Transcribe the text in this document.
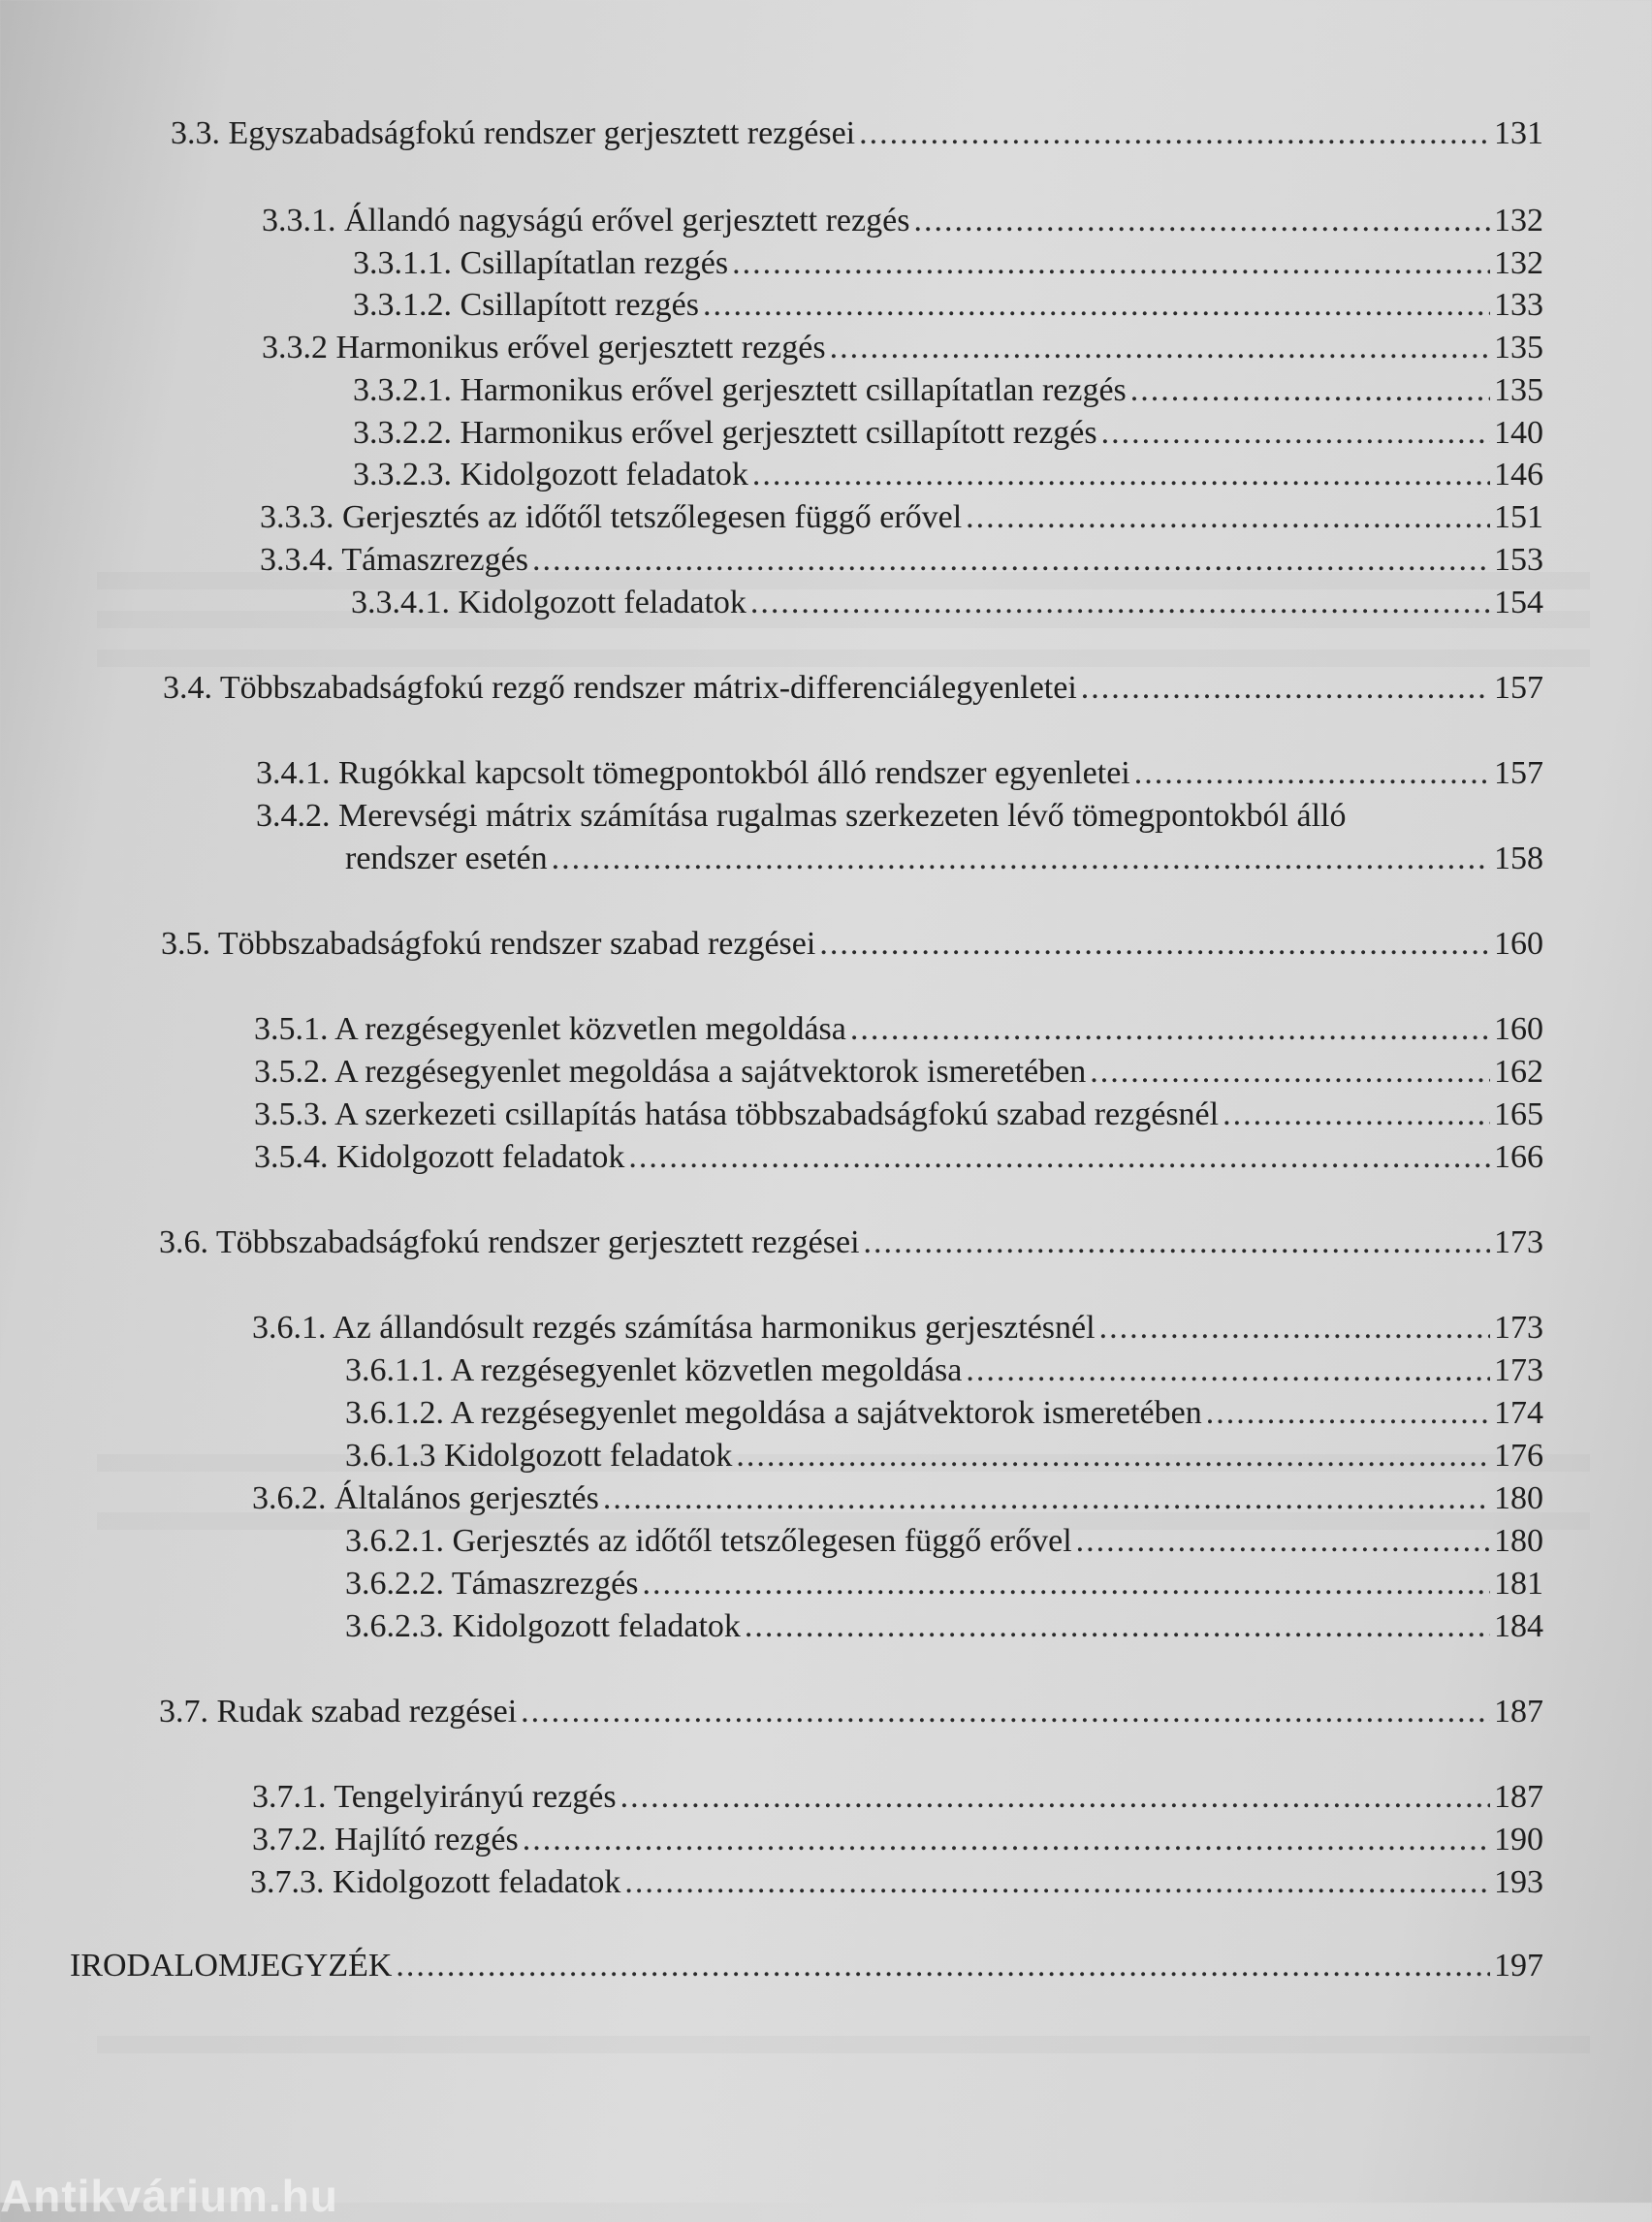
3.3. Egyszabadságfokú rendszer gerjesztett rezgései .....	131
3.3.1. Állandó nagyságú erővel gerjesztett rezgés .....	132
3.3.1.1. Csillapítatlan rezgés .....	132
3.3.1.2. Csillapított rezgés .....	133
3.3.2 Harmonikus erővel gerjesztett rezgés .....	135
3.3.2.1. Harmonikus erővel gerjesztett csillapítatlan rezgés .....	135
3.3.2.2. Harmonikus erővel gerjesztett csillapított rezgés .....	140
3.3.2.3. Kidolgozott feladatok .....	146
3.3.3. Gerjesztés az időtől tetszőlegesen függő erővel .....	151
3.3.4. Támaszrezgés .....	153
3.3.4.1. Kidolgozott feladatok .....	154
3.4. Többszabadságfokú rezgő rendszer mátrix-differenciálegyenletei .....	157
3.4.1. Rugókkal kapcsolt tömegpontokból álló rendszer egyenletei .....	157
3.4.2. Merevségi mátrix számítása rugalmas szerkezeten lévő tömegpontokból álló
rendszer esetén .....	158
3.5. Többszabadságfokú rendszer szabad rezgései .....	160
3.5.1. A rezgésegyenlet közvetlen megoldása .....	160
3.5.2. A rezgésegyenlet megoldása a sajátvektorok ismeretében .....	162
3.5.3. A szerkezeti csillapítás hatása többszabadságfokú szabad rezgésnél .....	165
3.5.4. Kidolgozott feladatok .....	166
3.6. Többszabadságfokú rendszer gerjesztett rezgései .....	173
3.6.1. Az állandósult rezgés számítása harmonikus gerjesztésnél .....	173
3.6.1.1. A rezgésegyenlet közvetlen megoldása .....	173
3.6.1.2. A rezgésegyenlet megoldása a sajátvektorok ismeretében .....	174
3.6.1.3 Kidolgozott feladatok .....	176
3.6.2. Általános gerjesztés .....	180
3.6.2.1. Gerjesztés az időtől tetszőlegesen függő erővel .....	180
3.6.2.2. Támaszrezgés .....	181
3.6.2.3. Kidolgozott feladatok .....	184
3.7. Rudak szabad rezgései .....	187
3.7.1. Tengelyirányú rezgés .....	187
3.7.2. Hajlító rezgés .....	190
3.7.3. Kidolgozott feladatok .....	193
IRODALOMJEGYZÉK .....	197
Antikvárium.hu
